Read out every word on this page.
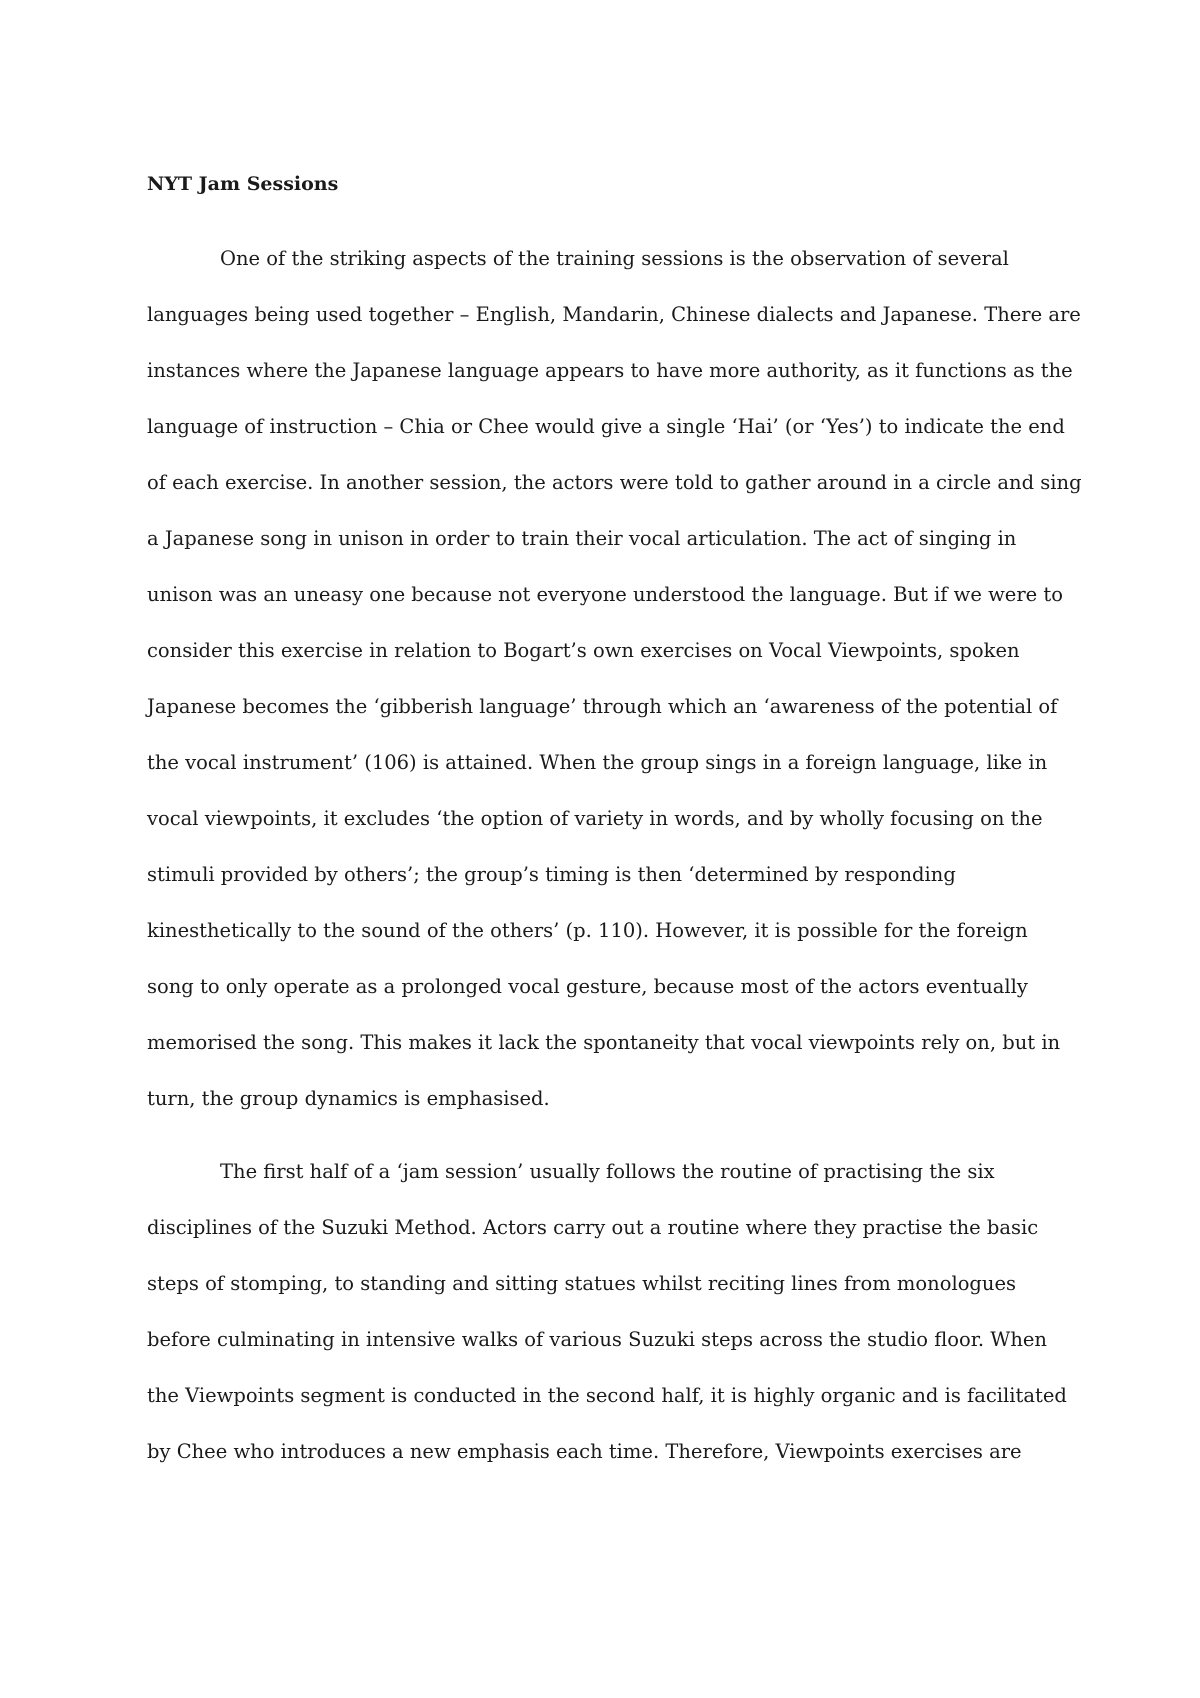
NYT Jam Sessions
One of the striking aspects of the training sessions is the observation of several
languages being used together – English, Mandarin, Chinese dialects and Japanese. There are
instances where the Japanese language appears to have more authority, as it functions as the
language of instruction – Chia or Chee would give a single ‘Hai’ (or ‘Yes’) to indicate the end
of each exercise. In another session, the actors were told to gather around in a circle and sing
a Japanese song in unison in order to train their vocal articulation. The act of singing in
unison was an uneasy one because not everyone understood the language. But if we were to
consider this exercise in relation to Bogart’s own exercises on Vocal Viewpoints, spoken
Japanese becomes the ‘gibberish language’ through which an ‘awareness of the potential of
the vocal instrument’ (106) is attained. When the group sings in a foreign language, like in
vocal viewpoints, it excludes ‘the option of variety in words, and by wholly focusing on the
stimuli provided by others’; the group’s timing is then ‘determined by responding
kinesthetically to the sound of the others’ (p. 110). However, it is possible for the foreign
song to only operate as a prolonged vocal gesture, because most of the actors eventually
memorised the song. This makes it lack the spontaneity that vocal viewpoints rely on, but in
turn, the group dynamics is emphasised.
The first half of a ‘jam session’ usually follows the routine of practising the six
disciplines of the Suzuki Method. Actors carry out a routine where they practise the basic
steps of stomping, to standing and sitting statues whilst reciting lines from monologues
before culminating in intensive walks of various Suzuki steps across the studio floor. When
the Viewpoints segment is conducted in the second half, it is highly organic and is facilitated
by Chee who introduces a new emphasis each time. Therefore, Viewpoints exercises are
